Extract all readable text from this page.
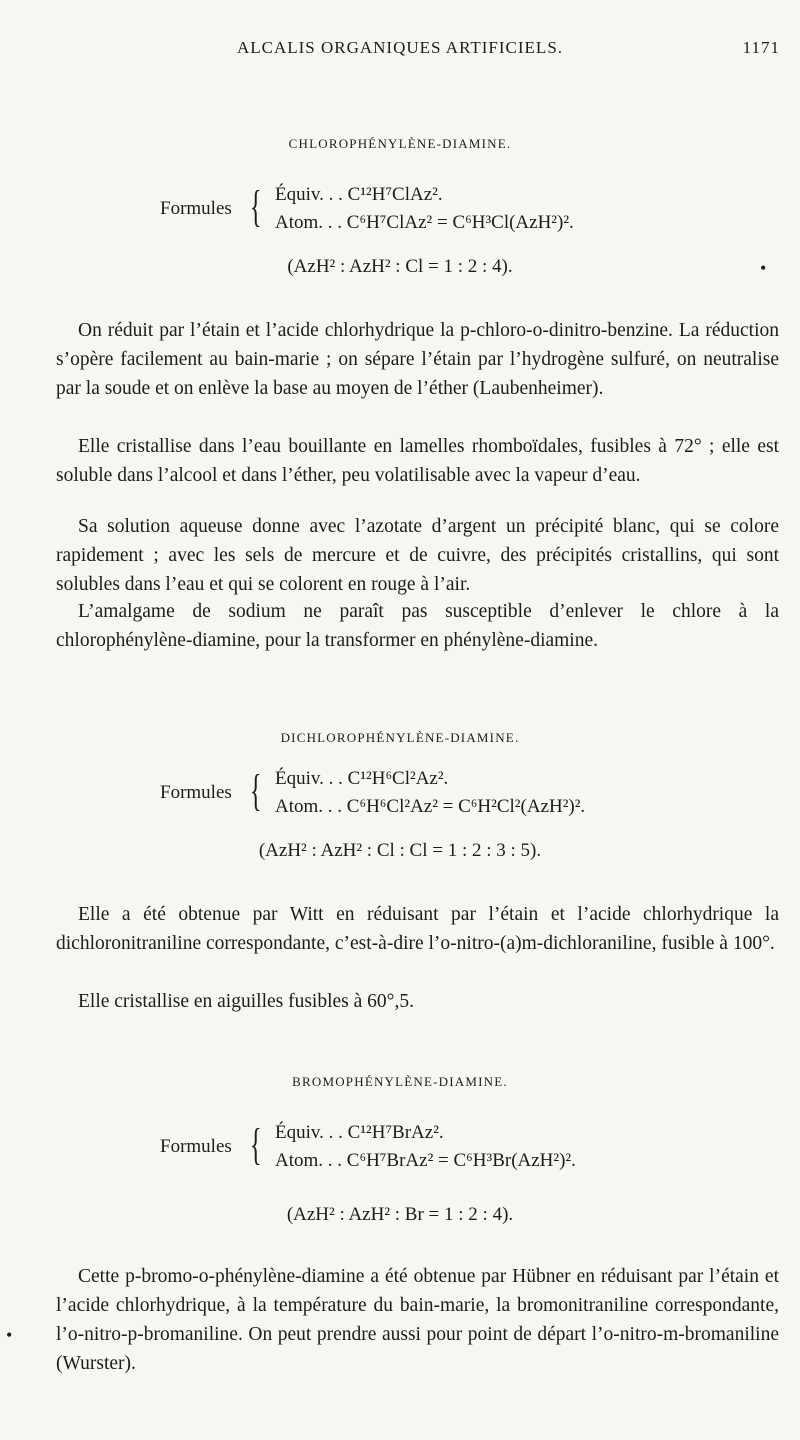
ALCALIS ORGANIQUES ARTIFICIELS.	1171
CHLOROPHÉNYLÈNE-DIAMINE.
Formules { Équiv. . . C¹²H⁷ClAz².
Atom. . . C⁶H⁷ClAz² = C⁶H³Cl(AzH²)².
(AzH² : AzH² : Cl = 1 : 2 : 4).	•

On réduit par l’étain et l’acide chlorhydrique la p-chloro-o-dinitro-benzine. La réduction s’opère facilement au bain-marie ; on sépare l’étain par l’hydrogène sulfuré, on neutralise par la soude et on enlève la base au moyen de l’éther (Laubenheimer).

Elle cristallise dans l’eau bouillante en lamelles rhomboïdales, fusibles à 72° ; elle est soluble dans l’alcool et dans l’éther, peu volatilisable avec la vapeur d’eau.

Sa solution aqueuse donne avec l’azotate d’argent un précipité blanc, qui se colore rapidement ; avec les sels de mercure et de cuivre, des précipités cristallins, qui sont solubles dans l’eau et qui se colorent en rouge à l’air.

L’amalgame de sodium ne paraît pas susceptible d’enlever le chlore à la chlorophénylène-diamine, pour la transformer en phénylène-diamine.

DICHLOROPHÉNYLÈNE-DIAMINE.
Formules { Équiv. . . C¹²H⁶Cl²Az².
Atom. . . C⁶H⁶Cl²Az² = C⁶H²Cl²(AzH²)².
(AzH² : AzH² : Cl : Cl = 1 : 2 : 3 : 5).

Elle a été obtenue par Witt en réduisant par l’étain et l’acide chlorhydrique la dichloronitraniline correspondante, c’est-à-dire l’o-nitro-(a)m-dichloraniline, fusible à 100°.

Elle cristallise en aiguilles fusibles à 60°,5.

BROMOPHÉNYLÈNE-DIAMINE.
Formules { Équiv. . . C¹²H⁷BrAz².
Atom. . . C⁶H⁷BrAz² = C⁶H³Br(AzH²)².
(AzH² : AzH² : Br = 1 : 2 : 4).

Cette p-bromo-o-phénylène-diamine a été obtenue par Hübner en réduisant par l’étain et l’acide chlorhydrique, à la température du bain-marie, la bromonitraniline correspondante, l’o-nitro-p-bromaniline. On peut prendre aussi pour point de départ l’o-nitro-m-bromaniline (Wurster).

•
